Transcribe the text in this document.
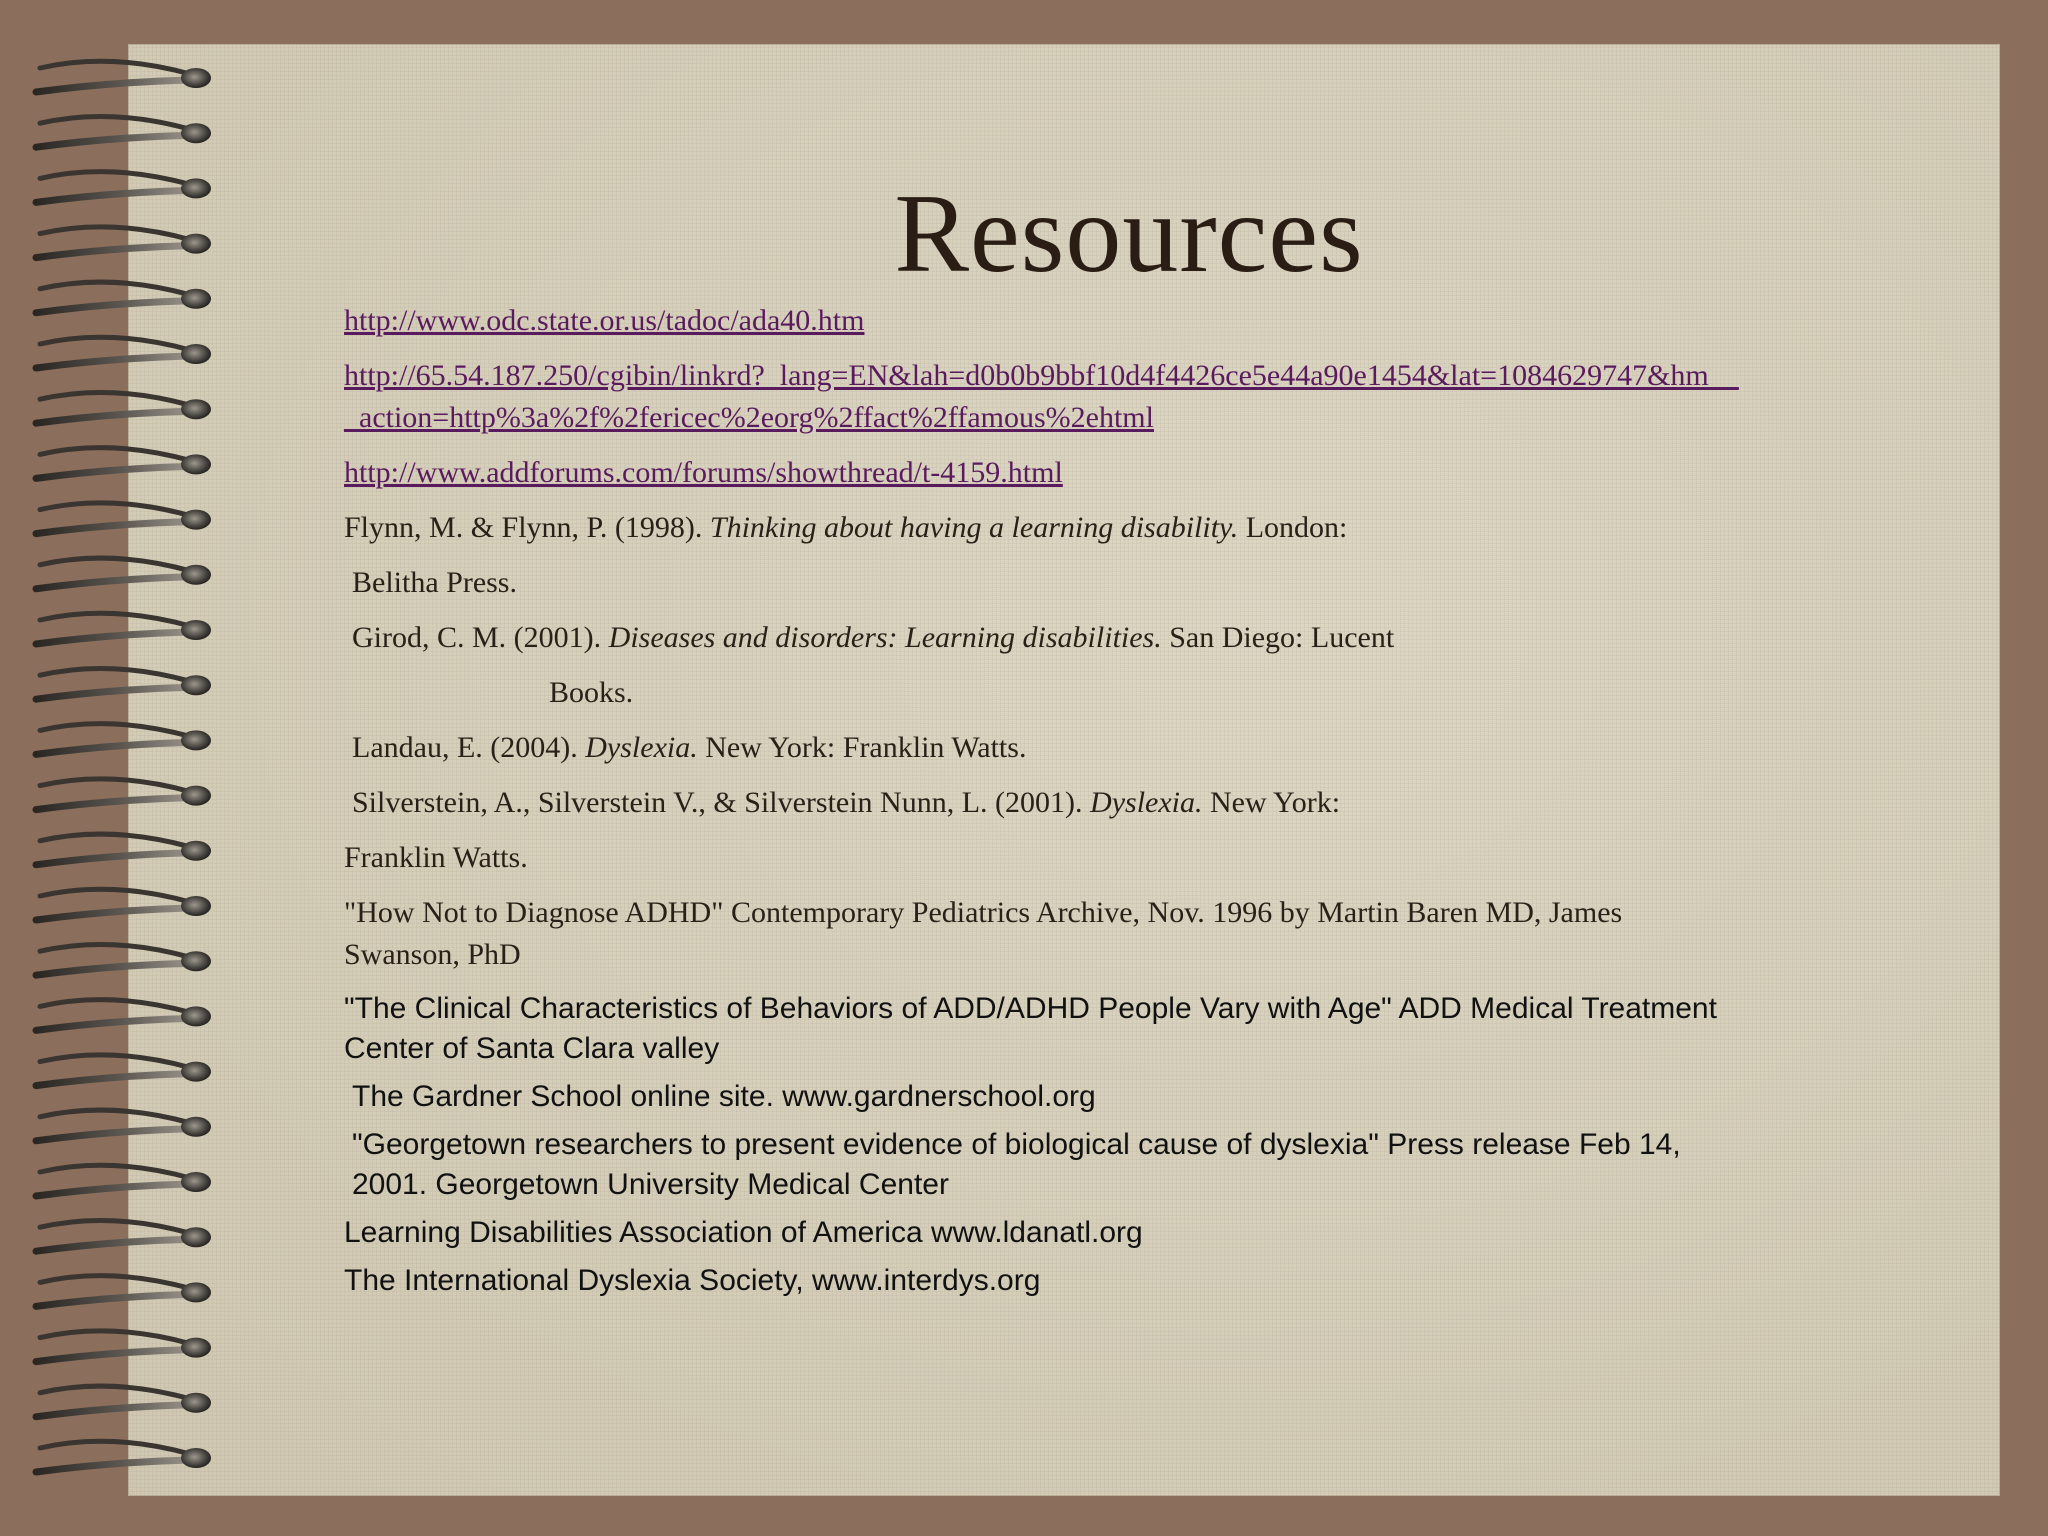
Resources

http://www.odc.state.or.us/tadoc/ada40.htm

http://65.54.187.250/cgibin/linkrd?_lang=EN&lah=d0b0b9bbf10d4f4426ce5e44a90e1454&lat=1084629747&hm___action=http%3a%2f%2fericec%2eorg%2ffact%2ffamous%2ehtml

http://www.addforums.com/forums/showthread/t-4159.html

Flynn, M. & Flynn, P. (1998). Thinking about having a learning disability. London:

Belitha Press.

Girod, C. M. (2001). Diseases and disorders: Learning disabilities. San Diego: Lucent

Books.

Landau, E. (2004). Dyslexia. New York: Franklin Watts.

Silverstein, A., Silverstein V., & Silverstein Nunn, L. (2001). Dyslexia. New York:

Franklin Watts.

"How Not to Diagnose ADHD" Contemporary Pediatrics Archive, Nov. 1996 by Martin Baren MD, James Swanson, PhD

"The Clinical Characteristics of Behaviors of ADD/ADHD People Vary with Age" ADD Medical Treatment Center of Santa Clara valley

The Gardner School online site. www.gardnerschool.org

"Georgetown researchers to present evidence of biological cause of dyslexia" Press release Feb 14, 2001. Georgetown University Medical Center

Learning Disabilities Association of America www.ldanatl.org

The International Dyslexia Society, www.interdys.org
